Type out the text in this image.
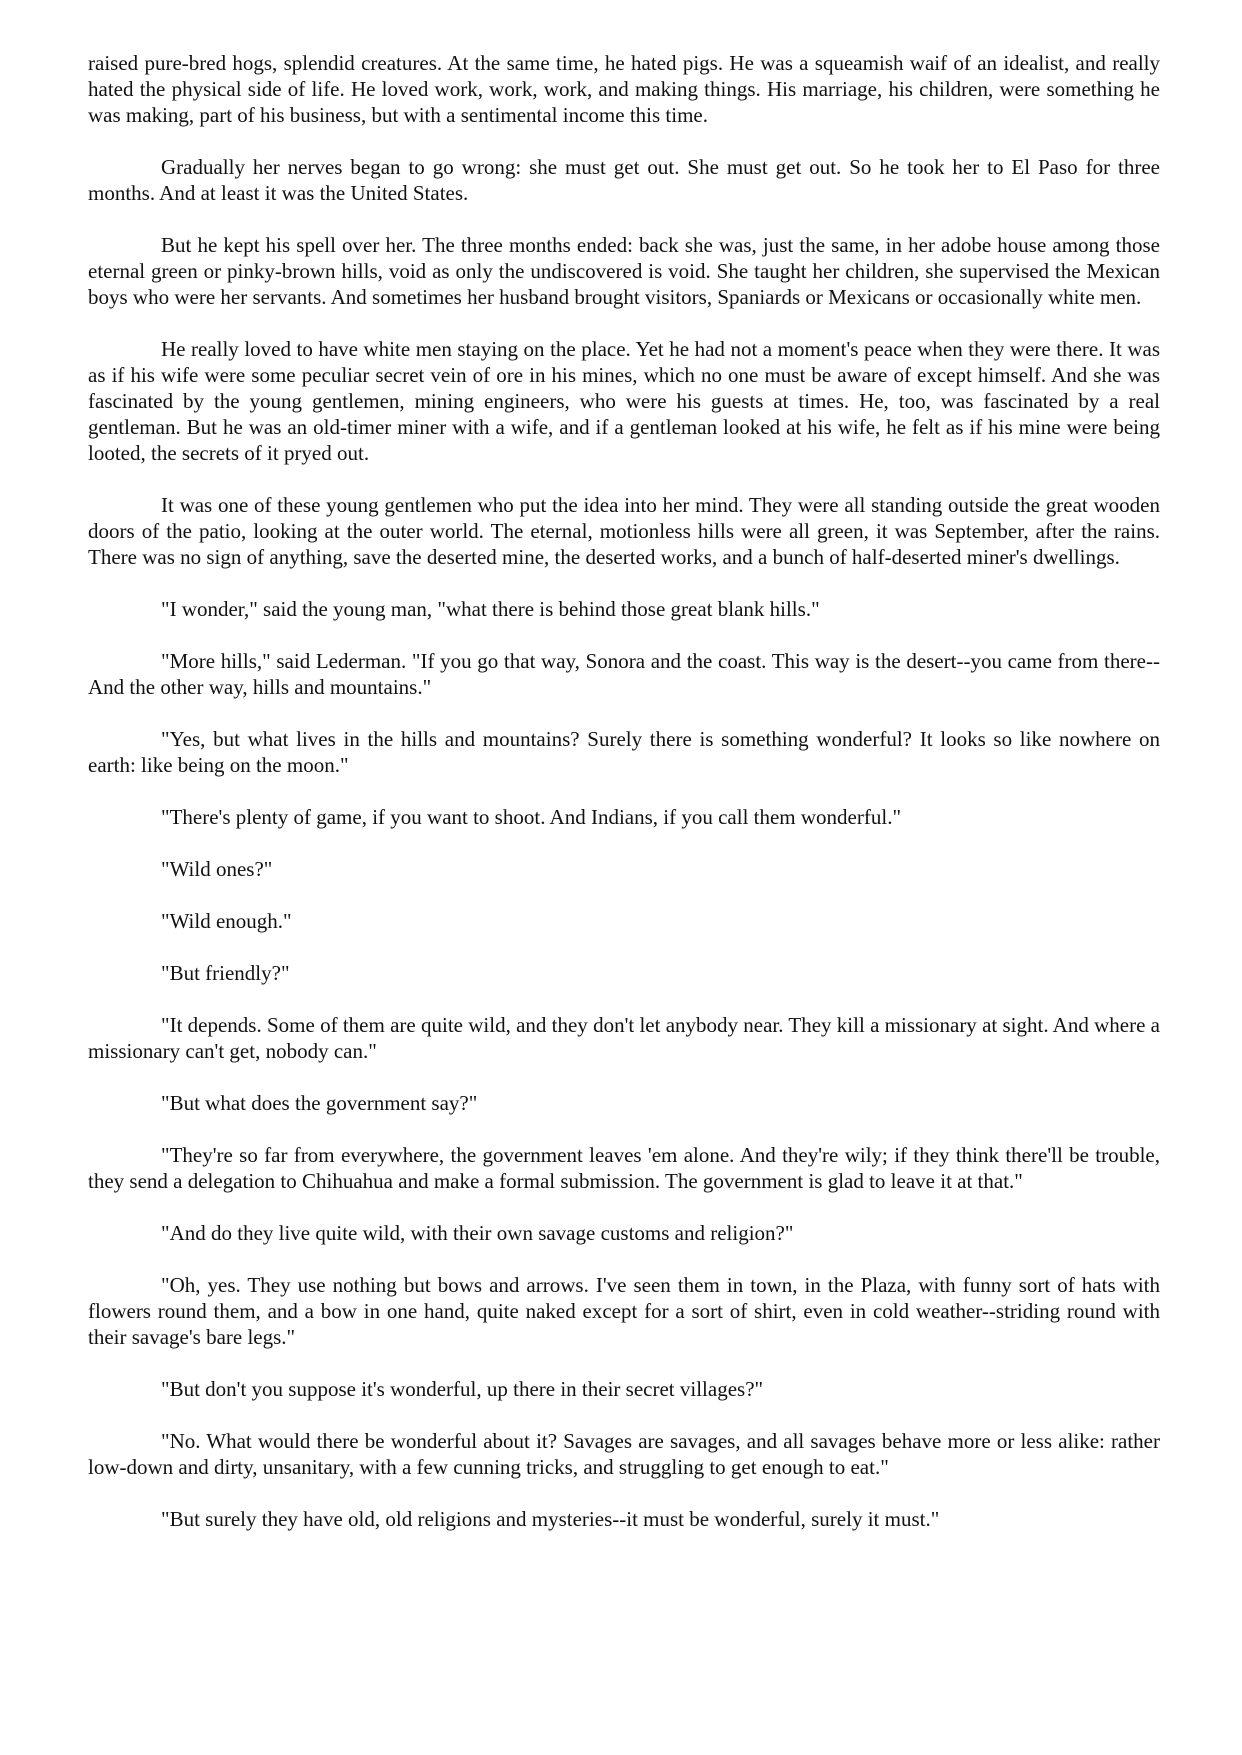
raised pure-bred hogs, splendid creatures. At the same time, he hated pigs. He was a squeamish waif of an idealist, and really hated the physical side of life. He loved work, work, work, and making things. His marriage, his children, were something he was making, part of his business, but with a sentimental income this time.

Gradually her nerves began to go wrong: she must get out. She must get out. So he took her to El Paso for three months. And at least it was the United States.

But he kept his spell over her. The three months ended: back she was, just the same, in her adobe house among those eternal green or pinky-brown hills, void as only the undiscovered is void. She taught her children, she supervised the Mexican boys who were her servants. And sometimes her husband brought visitors, Spaniards or Mexicans or occasionally white men.

He really loved to have white men staying on the place. Yet he had not a moment's peace when they were there. It was as if his wife were some peculiar secret vein of ore in his mines, which no one must be aware of except himself. And she was fascinated by the young gentlemen, mining engineers, who were his guests at times. He, too, was fascinated by a real gentleman. But he was an old-timer miner with a wife, and if a gentleman looked at his wife, he felt as if his mine were being looted, the secrets of it pryed out.

It was one of these young gentlemen who put the idea into her mind. They were all standing outside the great wooden doors of the patio, looking at the outer world. The eternal, motionless hills were all green, it was September, after the rains. There was no sign of anything, save the deserted mine, the deserted works, and a bunch of half-deserted miner's dwellings.

"I wonder," said the young man, "what there is behind those great blank hills."

"More hills," said Lederman. "If you go that way, Sonora and the coast. This way is the desert--you came from there--And the other way, hills and mountains."

"Yes, but what lives in the hills and mountains? Surely there is something wonderful? It looks so like nowhere on earth: like being on the moon."

"There's plenty of game, if you want to shoot. And Indians, if you call them wonderful."

"Wild ones?"

"Wild enough."

"But friendly?"

"It depends. Some of them are quite wild, and they don't let anybody near. They kill a missionary at sight. And where a missionary can't get, nobody can."

"But what does the government say?"

"They're so far from everywhere, the government leaves 'em alone. And they're wily; if they think there'll be trouble, they send a delegation to Chihuahua and make a formal submission. The government is glad to leave it at that."

"And do they live quite wild, with their own savage customs and religion?"

"Oh, yes. They use nothing but bows and arrows. I've seen them in town, in the Plaza, with funny sort of hats with flowers round them, and a bow in one hand, quite naked except for a sort of shirt, even in cold weather--striding round with their savage's bare legs."

"But don't you suppose it's wonderful, up there in their secret villages?"

"No. What would there be wonderful about it? Savages are savages, and all savages behave more or less alike: rather low-down and dirty, unsanitary, with a few cunning tricks, and struggling to get enough to eat."

"But surely they have old, old religions and mysteries--it must be wonderful, surely it must."
